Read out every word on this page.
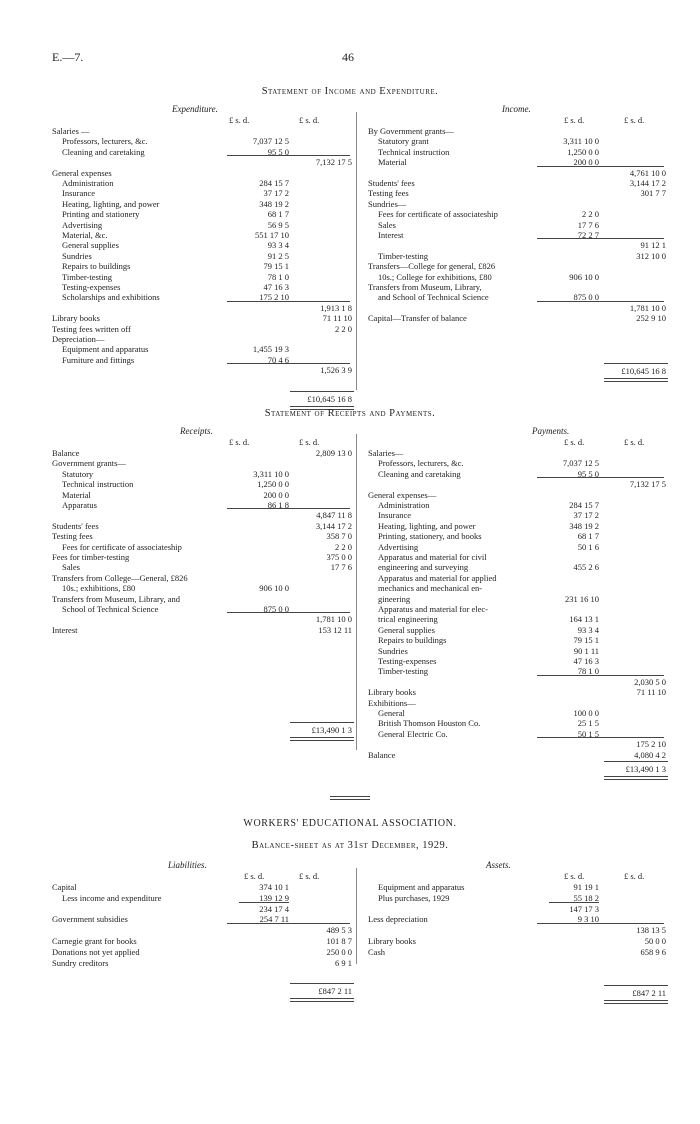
E.—7.	46
Statement of Income and Expenditure.
Expenditure.	Income.
£ s. d.	£ s. d.	£ s. d.	£ s. d.
Salaries —
Professors, lecturers, &c.	7,037 12 5
Cleaning and caretaking	95 5 0
7,132 17 5
General expenses
Administration	284 15 7
Insurance	37 17 2
Heating, lighting, and power	348 19 2
Printing and stationery	68 1 7
Advertising	56 9 5
Material, &c.	551 17 10
General supplies	93 3 4
Sundries	91 2 5
Repairs to buildings	79 15 1
Timber-testing	78 1 0
Testing-expenses	47 16 3
Scholarships and exhibitions	175 2 10
1,913 1 8
Library books	71 11 10
Testing fees written off	2 2 0
Depreciation—
Equipment and apparatus	1,455 19 3
Furniture and fittings	70 4 6
1,526 3 9
£10,645 16 8
By Government grants—
Statutory grant	3,311 10 0
Technical instruction	1,250 0 0
Material	200 0 0
4,761 10 0
Students' fees	3,144 17 2
Testing fees	301 7 7
Sundries—
Fees for certificate of associateship	2 2 0
Sales	17 7 6
Interest	72 2 7
91 12 1
Timber-testing	312 10 0
Transfers—College for general, £826
10s.; College for exhibitions, £80	906 10 0
Transfers from Museum, Library,
and School of Technical Science	875 0 0
1,781 10 0
Capital—Transfer of balance	252 9 10
£10,645 16 8
Statement of Receipts and Payments.
Receipts.	Payments.
£ s. d.	£ s. d.	£ s. d.	£ s. d.
Balance	2,809 13 0
Government grants—
Statutory	3,311 10 0
Technical instruction	1,250 0 0
Material	200 0 0
Apparatus	86 1 8
4,847 11 8
Students' fees	3,144 17 2
Testing fees	358 7 0
Fees for certificate of associateship	2 2 0
Fees for timber-testing	375 0 0
Sales	17 7 6
Transfers from College—General, £826
10s.; exhibitions, £80	906 10 0
Transfers from Museum, Library, and
School of Technical Science	875 0 0
1,781 10 0
Interest	153 12 11
£13,490 1 3
Salaries—
Professors, lecturers, &c.	7,037 12 5
Cleaning and caretaking	95 5 0
7,132 17 5
General expenses—
Administration	284 15 7
Insurance	37 17 2
Heating, lighting, and power	348 19 2
Printing, stationery, and books	68 1 7
Advertising	50 1 6
Apparatus and material for civil
engineering and surveying	455 2 6
Apparatus and material for applied
mechanics and mechanical en-
gineering	231 16 10
Apparatus and material for elec-
trical engineering	164 13 1
General supplies	93 3 4
Repairs to buildings	79 15 1
Sundries	90 1 11
Testing-expenses	47 16 3
Timber-testing	78 1 0
2,030 5 0
Library books	71 11 10
Exhibitions—
General	100 0 0
British Thomson Houston Co.	25 1 5
General Electric Co.	50 1 5
175 2 10
Balance	4,080 4 2
£13,490 1 3
WORKERS' EDUCATIONAL ASSOCIATION.
Balance-sheet as at 31st December, 1929.
Liabilities.	Assets.
£ s. d.	£ s. d.	£ s. d.	£ s. d.
Capital	374 10 1
Less income and expenditure	139 12 9
234 17 4
Government subsidies	254 7 11
489 5 3
Carnegie grant for books	101 8 7
Donations not yet applied	250 0 0
Sundry creditors	6 9 1
£847 2 11
Equipment and apparatus	91 19 1
Plus purchases, 1929	55 18 2
147 17 3
Less depreciation	9 3 10
138 13 5
Library books	50 0 0
Cash	658 9 6
£847 2 11
